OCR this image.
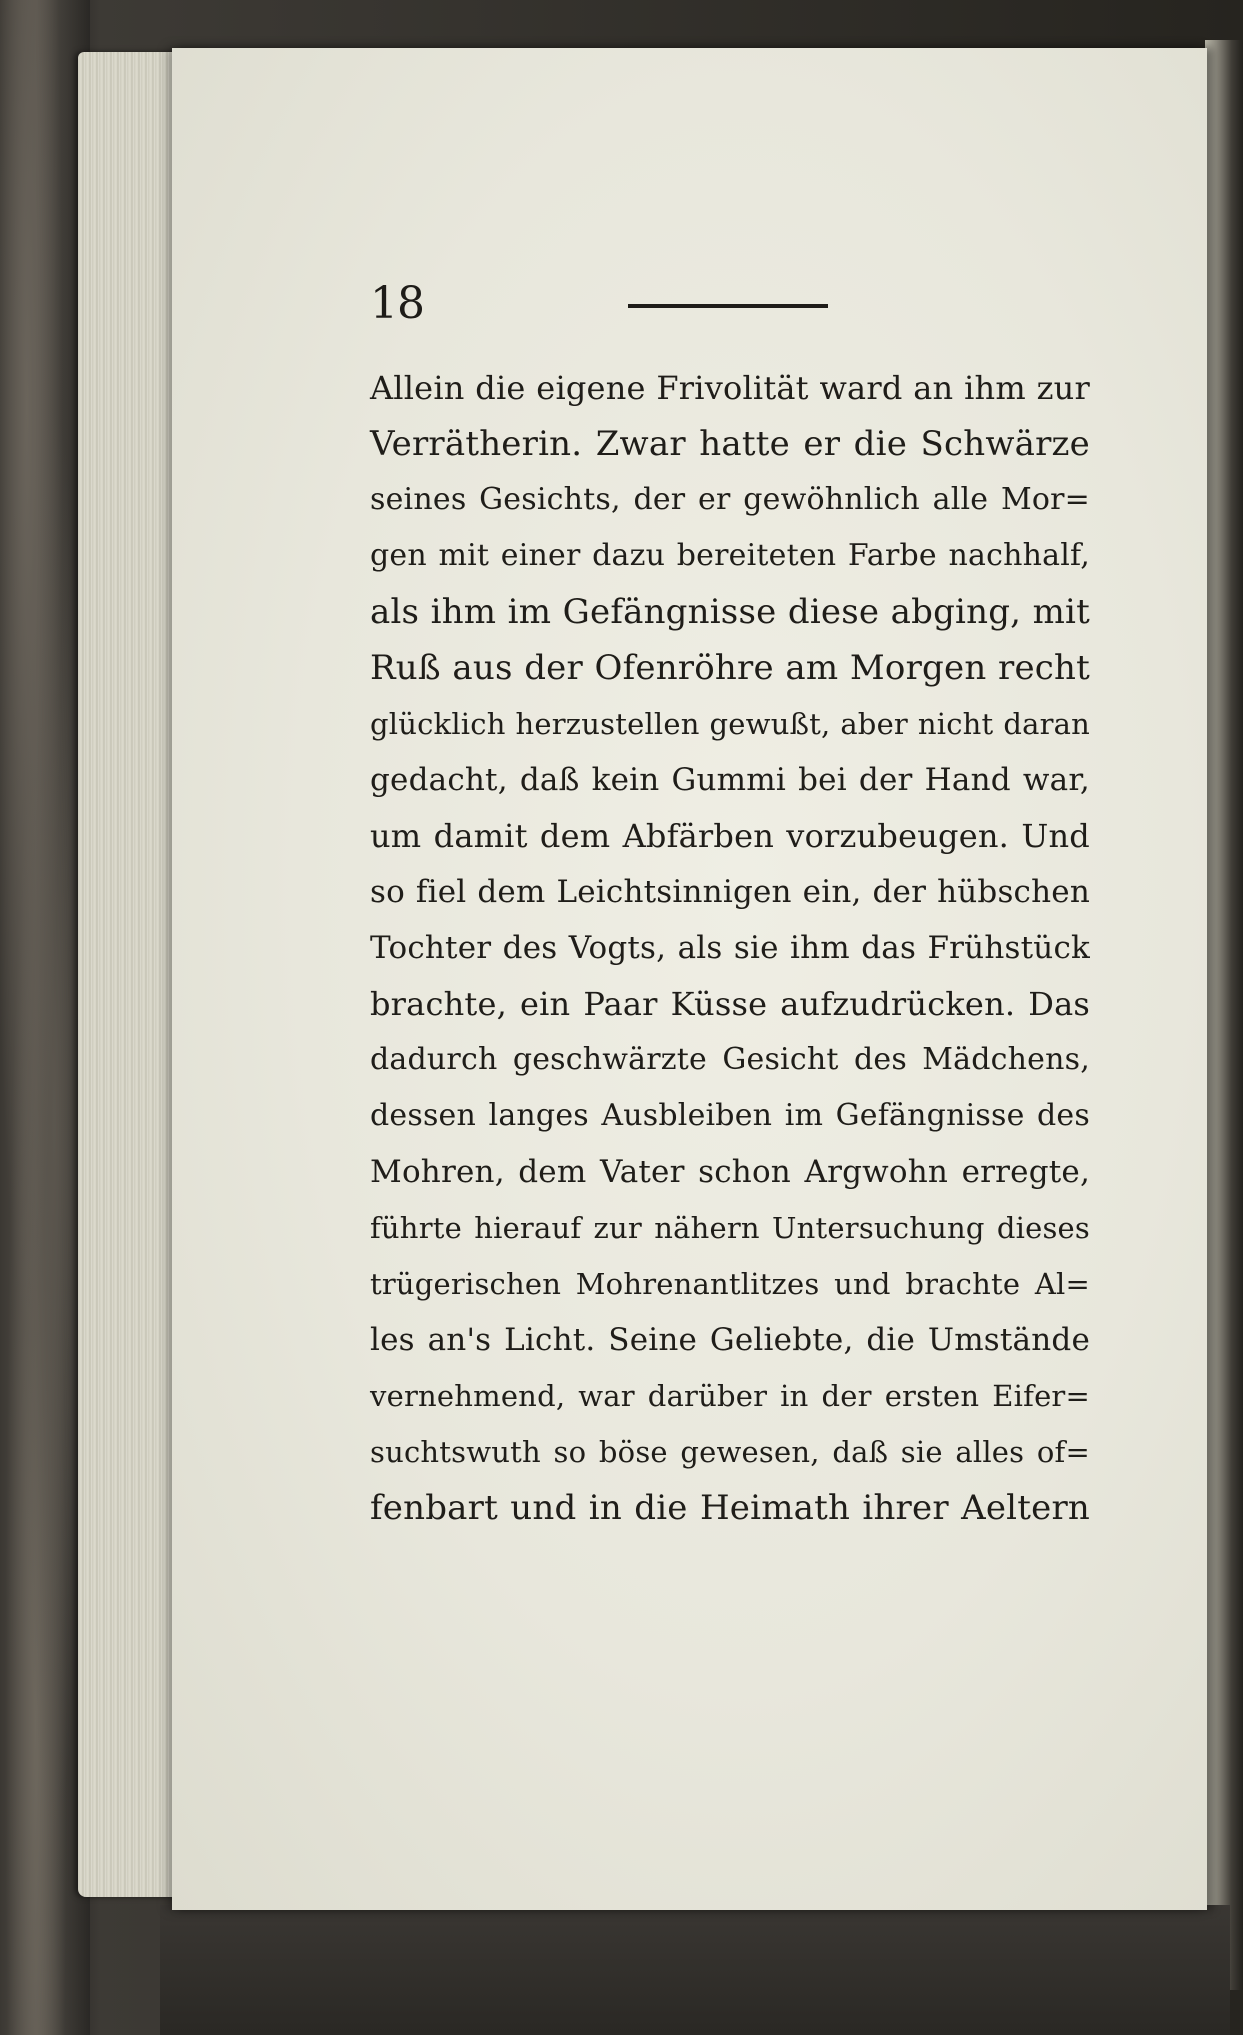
18
Allein die eigene Frivolität ward an ihm zur
Verrätherin. Zwar hatte er die Schwärze
seines Gesichts, der er gewöhnlich alle Mor=
gen mit einer dazu bereiteten Farbe nachhalf,
als ihm im Gefängnisse diese abging, mit
Ruß aus der Ofenröhre am Morgen recht
glücklich herzustellen gewußt, aber nicht daran
gedacht, daß kein Gummi bei der Hand war,
um damit dem Abfärben vorzubeugen. Und
so fiel dem Leichtsinnigen ein, der hübschen
Tochter des Vogts, als sie ihm das Frühstück
brachte, ein Paar Küsse aufzudrücken. Das
dadurch geschwärzte Gesicht des Mädchens,
dessen langes Ausbleiben im Gefängnisse des
Mohren, dem Vater schon Argwohn erregte,
führte hierauf zur nähern Untersuchung dieses
trügerischen Mohrenantlitzes und brachte Al=
les an's Licht. Seine Geliebte, die Umstände
vernehmend, war darüber in der ersten Eifer=
suchtswuth so böse gewesen, daß sie alles of=
fenbart und in die Heimath ihrer Aeltern
